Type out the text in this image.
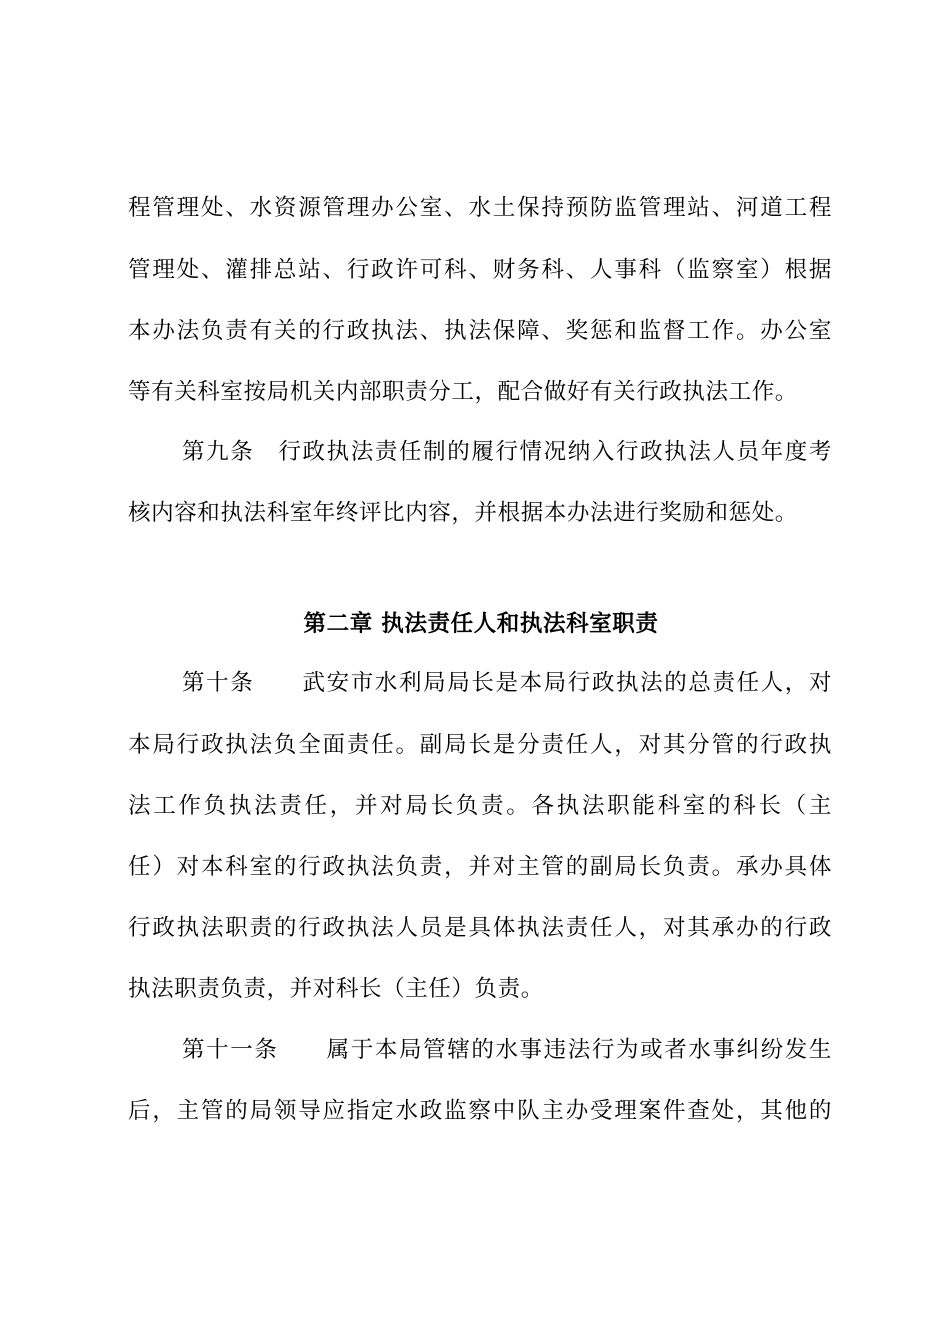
程管理处、水资源管理办公室、水土保持预防监管理站、河道工程
管理处、灌排总站、行政许可科、财务科、人事科（监察室）根据
本办法负责有关的行政执法、执法保障、奖惩和监督工作。办公室
等有关科室按局机关内部职责分工，配合做好有关行政执法工作。
第九条　行政执法责任制的履行情况纳入行政执法人员年度考
核内容和执法科室年终评比内容，并根据本办法进行奖励和惩处。
第二章 执法责任人和执法科室职责
第十条　　武安市水利局局长是本局行政执法的总责任人，对
本局行政执法负全面责任。副局长是分责任人，对其分管的行政执
法工作负执法责任，并对局长负责。各执法职能科室的科长（主
任）对本科室的行政执法负责，并对主管的副局长负责。承办具体
行政执法职责的行政执法人员是具体执法责任人，对其承办的行政
执法职责负责，并对科长（主任）负责。
第十一条　　属于本局管辖的水事违法行为或者水事纠纷发生
后，主管的局领导应指定水政监察中队主办受理案件查处，其他的
